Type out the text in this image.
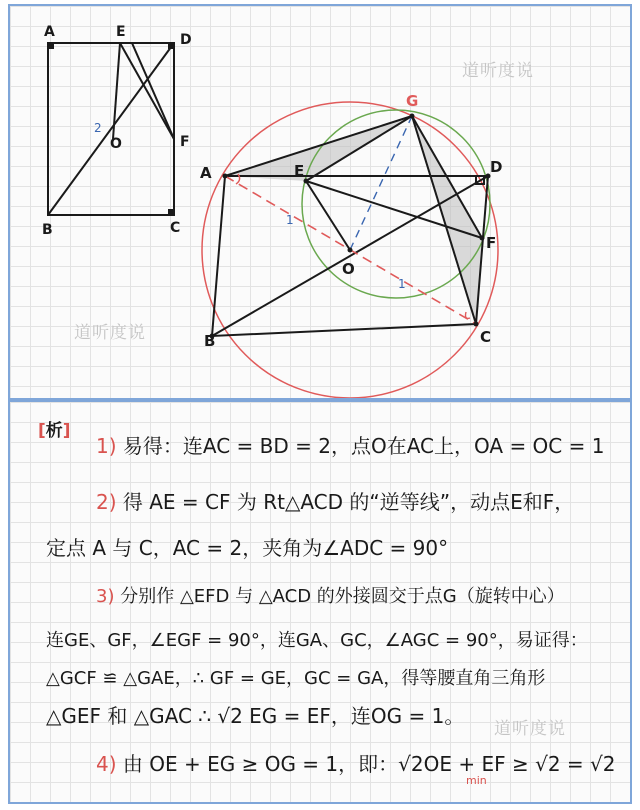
A	E	D
O	F
B	C
2
G
A	E	D
F
O
B	C
1
1
道听度说
道听度说
[析]
1) 易得：连AC = BD = 2，点O在AC上，OA = OC = 1
2) 得 AE = CF 为 Rt△ACD 的“逆等线”，动点E和F，
定点 A 与 C，AC = 2，夹角为∠ADC = 90°
3) 分别作 △EFD 与 △ACD 的外接圆交于点G（旋转中心）
连GE、GF，∠EGF = 90°，连GA、GC，∠AGC = 90°，易证得：
△GCF ≌ △GAE，∴ GF = GE，GC = GA，得等腰直角三角形
△GEF 和 △GAC ∴ √2 EG = EF，连OG = 1。
4) 由 OE + EG ≥ OG = 1，即：√2OE + EF ≥ √2 = √2
min
道听度说
